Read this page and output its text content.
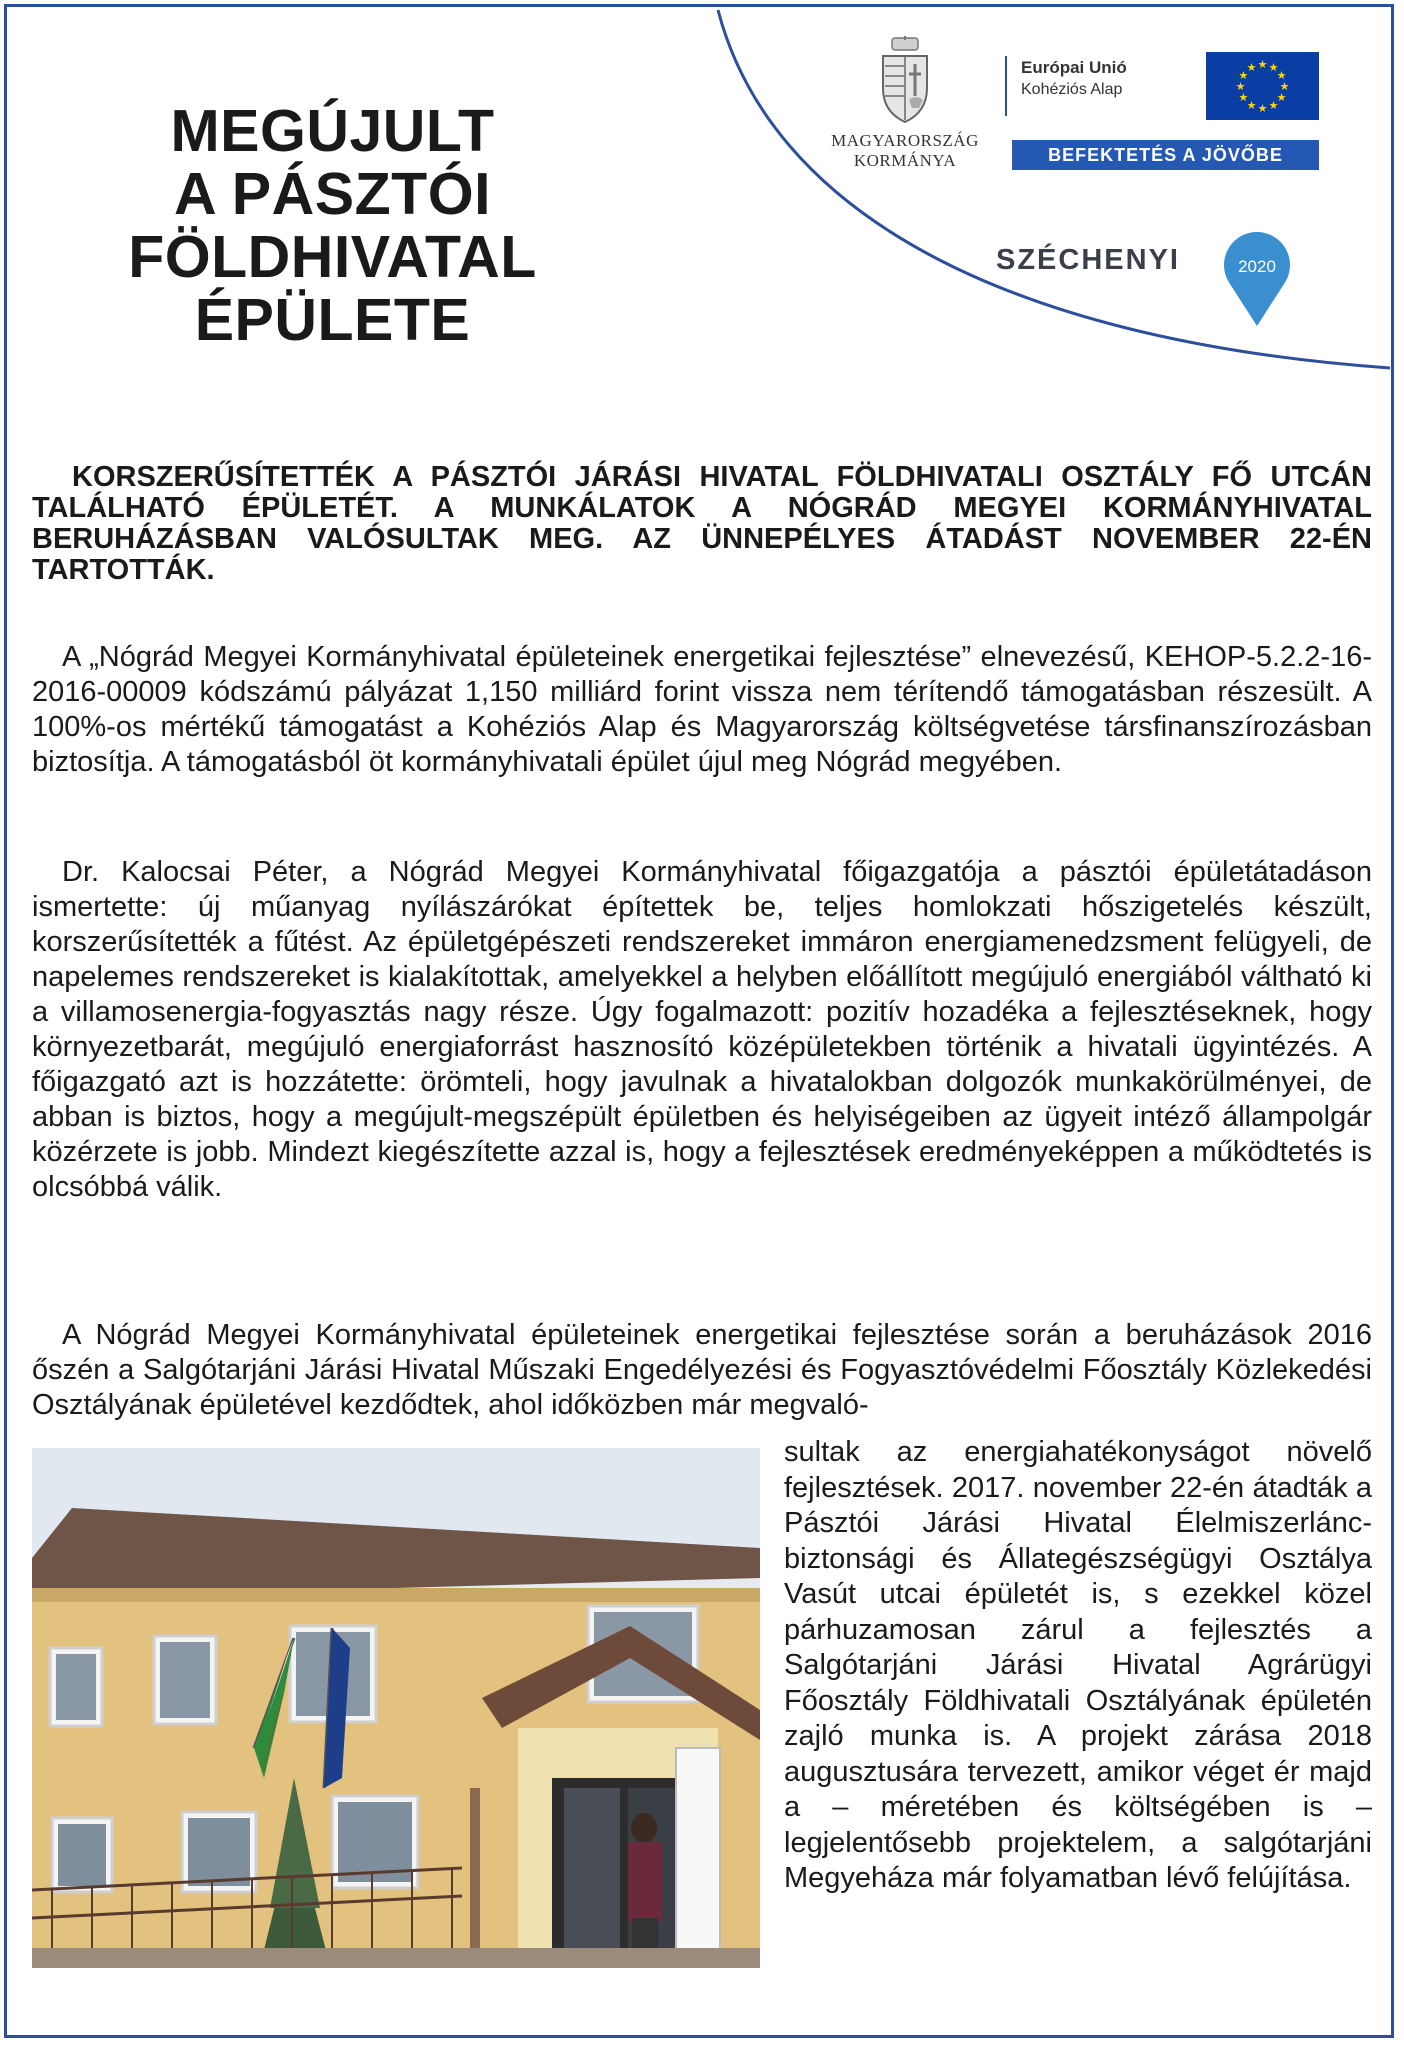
MEGÚJULT
A PÁSZTÓI
FÖLDHIVATAL
ÉPÜLETE
MAGYARORSZÁG
KORMÁNYA
Európai Unió
Kohéziós Alap
★ ★
★
★
★
★
★
★
★
★
★
★
BEFEKTETÉS A JÖVŐBE
SZÉCHENYI	2020
KORSZERŰSÍTETTÉK A PÁSZTÓI JÁRÁSI HIVATAL FÖLDHIVATALI OSZTÁLY FŐ UTCÁN TALÁLHATÓ ÉPÜLETÉT. A MUNKÁLATOK A NÓGRÁD MEGYEI KORMÁNYHIVATAL BERUHÁZÁSBAN VALÓSULTAK MEG. AZ ÜNNEPÉLYES ÁTADÁST NOVEMBER 22-ÉN TARTOTTÁK.
A „Nógrád Megyei Kormányhivatal épületeinek energetikai fejlesztése” elnevezésű, KEHOP-5.2.2-16-2016-00009 kódszámú pályázat 1,150 milliárd forint vissza nem térítendő támogatásban részesült. A 100%-os mértékű támogatást a Kohéziós Alap és Magyarország költségvetése társfinanszírozásban biztosítja. A támogatásból öt kormányhivatali épület újul meg Nógrád megyében.
Dr. Kalocsai Péter, a Nógrád Megyei Kormányhivatal főigazgatója a pásztói épületátadáson ismertette: új műanyag nyílászárókat építettek be, teljes homlokzati hőszigetelés készült, korszerűsítették a fűtést. Az épületgépészeti rendszereket immáron energiamenedzsment felügyeli, de napelemes rendszereket is kialakítottak, amelyekkel a helyben előállított megújuló energiából váltható ki a villamosenergia-fogyasztás nagy része. Úgy fogalmazott: pozitív hozadéka a fejlesztéseknek, hogy környezetbarát, megújuló energiaforrást hasznosító középületekben történik a hivatali ügyintézés. A főigazgató azt is hozzátette: örömteli, hogy javulnak a hivatalokban dolgozók munkakörülményei, de abban is biztos, hogy a megújult-megszépült épületben és helyiségeiben az ügyeit intéző állampolgár közérzete is jobb. Mindezt kiegészítette azzal is, hogy a fejlesztések eredményeképpen a működtetés is olcsóbbá válik.
A Nógrád Megyei Kormányhivatal épületeinek energetikai fejlesztése során a beruházások 2016 őszén a Salgótarjáni Járási Hivatal Műszaki Engedélyezési és Fogyasztóvédelmi Főosztály Közlekedési Osztályának épületével kezdődtek, ahol időközben már megvaló-
sultak az energiahatékonyságot növelő fejlesztések. 2017. november 22-én átadták a Pásztói Járási Hivatal Élelmiszerlánc-biztonsági és Állategészségügyi Osztálya Vasút utcai épületét is, s ezekkel közel párhuzamosan zárul a fejlesztés a Salgótarjáni Járási Hivatal Agrárügyi Főosztály Földhivatali Osztályának épületén zajló munka is. A projekt zárása 2018 augusztusára tervezett, amikor véget ér majd a – méretében és költségében is – legjelentősebb projektelem, a salgótarjáni Megyeháza már folyamatban lévő felújítása.
